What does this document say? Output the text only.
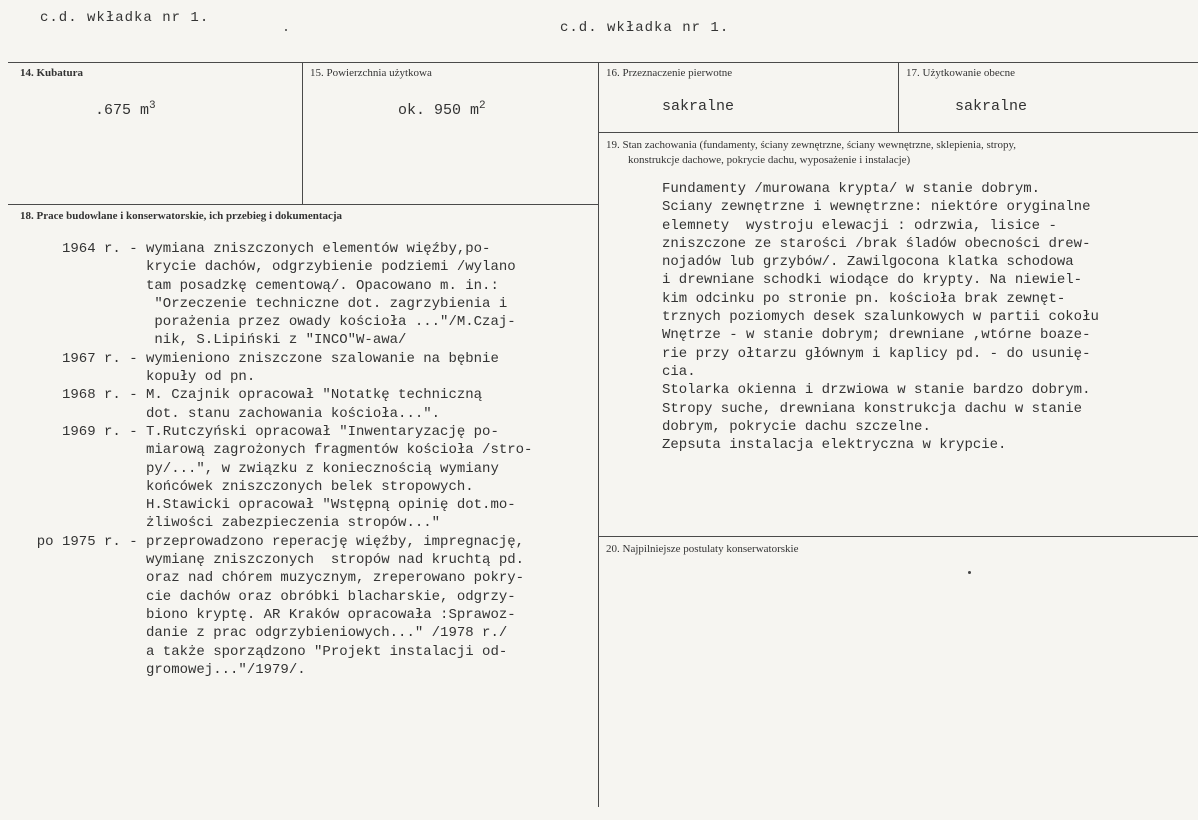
c.d. wkładka nr 1.
c.d. wkładka nr 1.
14. Kubatura
.675 $m^3$
15. Powierzchnia użytkowa
ok. 950 $m^2$
16. Przeznaczenie pierwotne
sakralne
17. Użytkowanie obecne
sakralne
18. Prace budowlane i konserwatorskie, ich przebieg i dokumentacja
1964 r. - wymiana zniszczonych elementów więźby,po-
krycie dachów, odgrzybienie podziemi /wylano
tam posadzkę cementową/. Opacowano m. in.:
"Orzeczenie techniczne dot. zagrzybienia i
porażenia przez owady kościoła ..."/M.Czaj-
nik, S.Lipiński z "INCO"W-awa/
1967 r. - wymieniono zniszczone szalowanie na bębnie
kopuły od pn.
1968 r. - M. Czajnik opracował "Notatkę techniczną
dot. stanu zachowania kościoła...".
1969 r. - T.Rutczyński opracował "Inwentaryzację po-
miarową zagrożonych fragmentów kościoła /stro-
py/...", w związku z koniecznością wymiany
końcówek zniszczonych belek stropowych.
H.Stawicki opracował "Wstępną opinię dot.mo-
żliwości zabezpieczenia stropów..."
po 1975 r. - przeprowadzono reperację więźby, impregnację,
wymianę zniszczonych  stropów nad kruchtą pd.
oraz nad chórem muzycznym, zreperowano pokry-
cie dachów oraz obróbki blacharskie, odgrzy-
biono kryptę. AR Kraków opracowała :Sprawoz-
danie z prac odgrzybieniowych..." /1978 r./
a także sporządzono "Projekt instalacji od-
gromowej..."/1979/.
19. Stan zachowania (fundamenty, ściany zewnętrzne, ściany wewnętrzne, sklepienia, stropy,
konstrukcje dachowe, pokrycie dachu, wyposażenie i instalacje)
Fundamenty /murowana krypta/ w stanie dobrym.
Sciany zewnętrzne i wewnętrzne: niektóre oryginalne
elemnety  wystroju elewacji : odrzwia, lisice -
zniszczone ze starości /brak śladów obecności drew-
nojadów lub grzybów/. Zawilgocona klatka schodowa
i drewniane schodki wiodące do krypty. Na niewiel-
kim odcinku po stronie pn. kościoła brak zewnęt-
trznych poziomych desek szalunkowych w partii cokołu
Wnętrze - w stanie dobrym; drewniane ,wtórne boaze-
rie przy ołtarzu głównym i kaplicy pd. - do usunię-
cia.
Stolarka okienna i drzwiowa w stanie bardzo dobrym.
Stropy suche, drewniana konstrukcja dachu w stanie
dobrym, pokrycie dachu szczelne.
Zepsuta instalacja elektryczna w krypcie.
20. Najpilniejsze postulaty konserwatorskie
